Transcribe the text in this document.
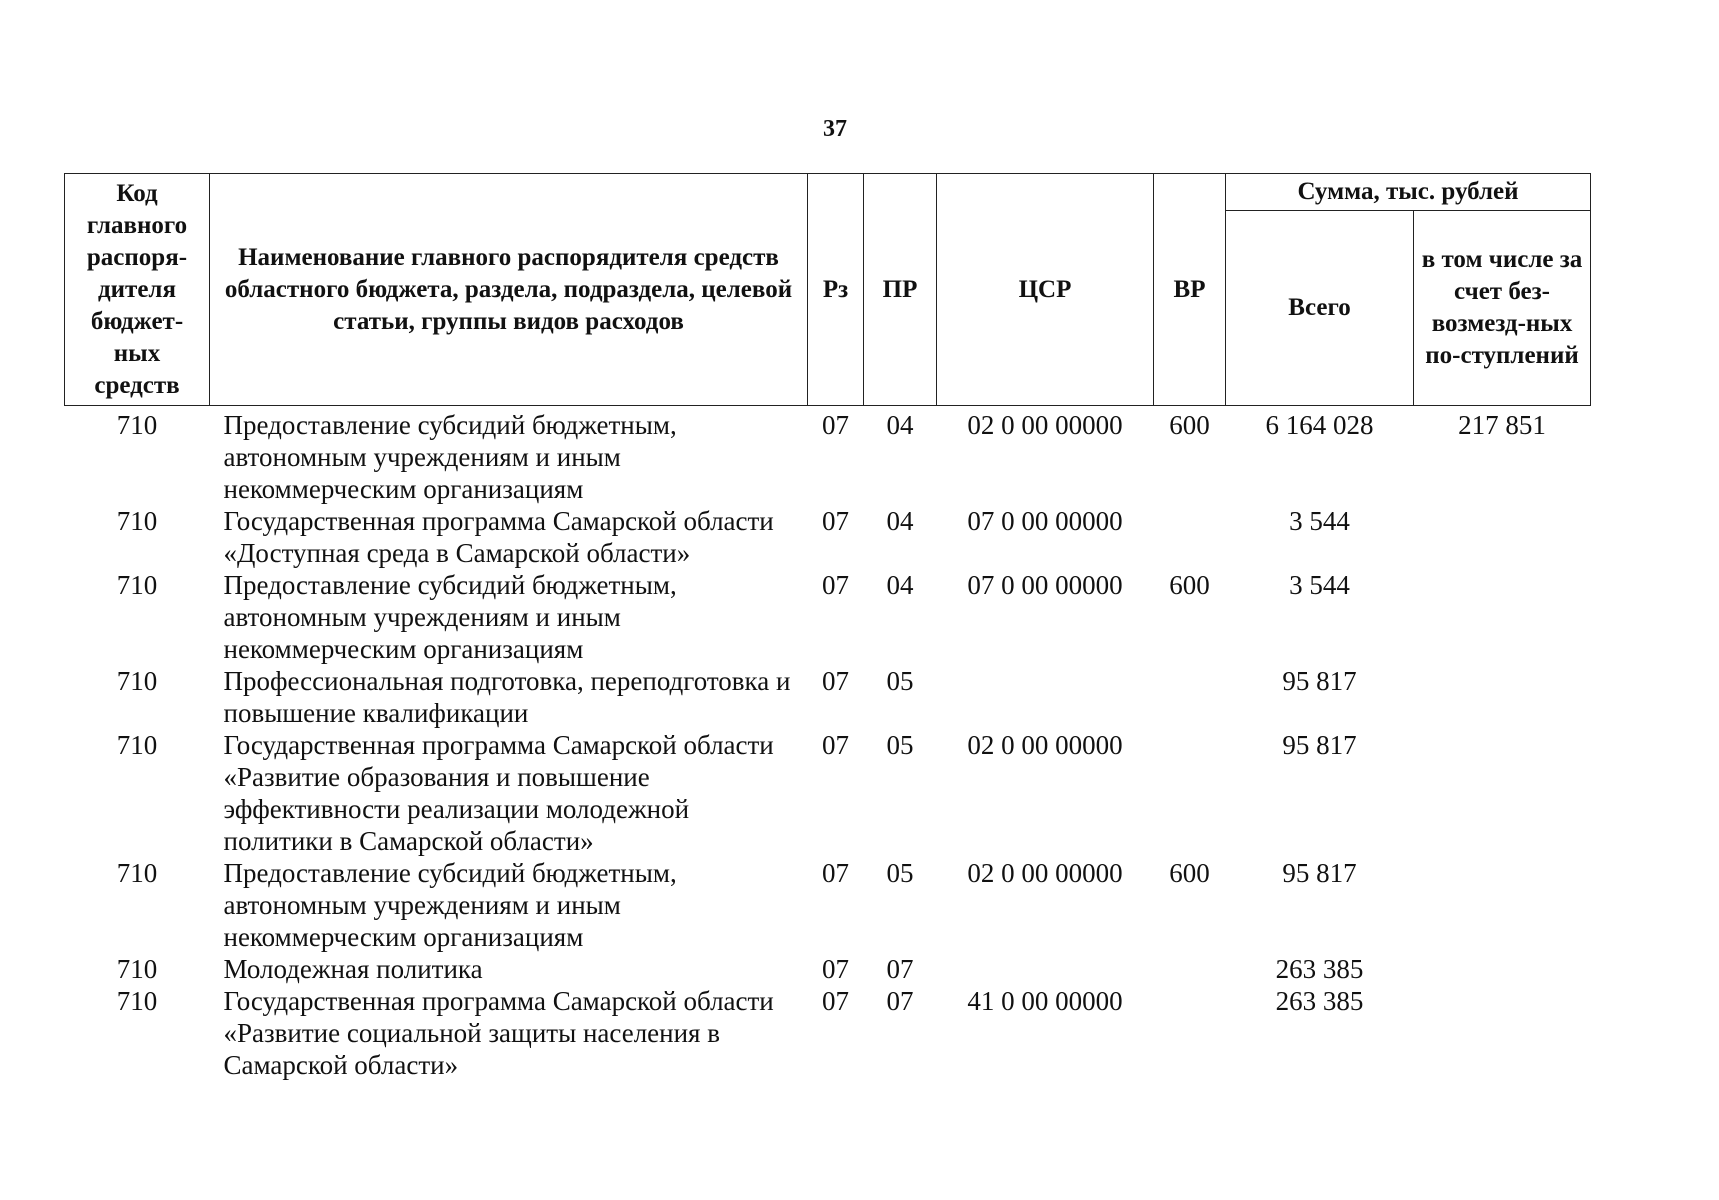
37
Код главного распоря-дителя бюджет-ных средств	Наименование главного распорядителя средств областного бюджета, раздела, подраздела, целевой статьи, группы видов расходов	Рз	ПР	ЦСР	ВР	Сумма, тыс. рублей	
						Всего	в том числе за счет без-возмезд-ных по-ступлений
710	Предоставление субсидий бюджетным, автономным учреждениям и иным некоммерческим организациям	07	04	02 0 00 00000	600	6 164 028	217 851
710	Государственная программа Самарской области «Доступная среда в Самарской области»	07	04	07 0 00 00000		3 544	
710	Предоставление субсидий бюджетным, автономным учреждениям и иным некоммерческим организациям	07	04	07 0 00 00000	600	3 544	
710	Профессиональная подготовка, переподготовка и повышение квалификации	07	05			95 817	
710	Государственная программа Самарской области «Развитие образования и повышение эффективности реализации молодежной политики в Самарской области»	07	05	02 0 00 00000		95 817	
710	Предоставление субсидий бюджетным, автономным учреждениям и иным некоммерческим организациям	07	05	02 0 00 00000	600	95 817	
710	Молодежная политика	07	07			263 385	
710	Государственная программа Самарской области «Развитие социальной защиты населения в Самарской области»	07	07	41 0 00 00000		263 385	
